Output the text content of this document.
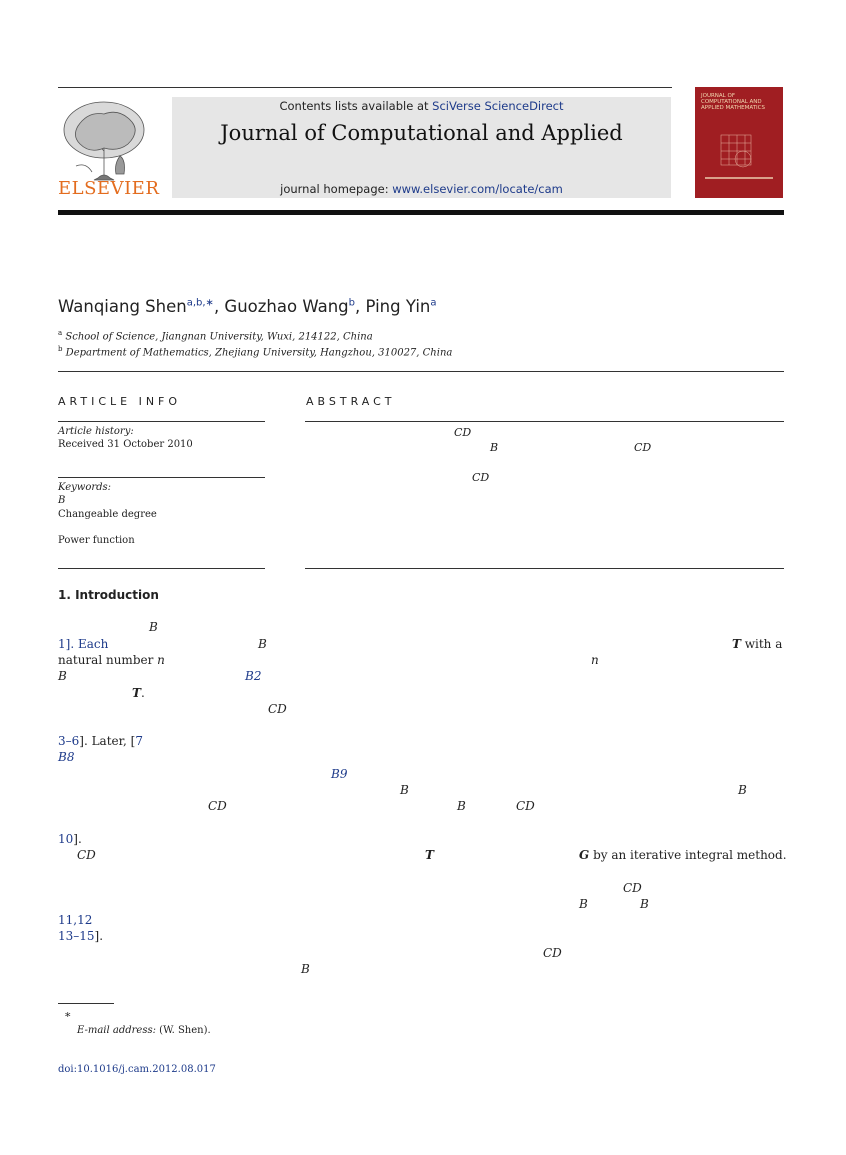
ELSEVIER
Contents lists available at SciVerse ScienceDirect
Journal of Computational and Applied
journal homepage: www.elsevier.com/locate/cam
JOURNAL OF COMPUTATIONAL AND APPLIED MATHEMATICS
Wanqiang Shen$^{a,b,∗}$, Guozhao Wang$^b$, Ping Yin$^a$
$^a$ School of Science, Jiangnan University, Wuxi, 214122, China
$^b$ Department of Mathematics, Zhejiang University, Hangzhou, 310027, China
ARTICLE INFO
Article history:
Received 31 October 2010
Keywords:
B
Changeable degree
Power function
ABSTRACT
CD
B	CD
CD
1. Introduction
B
1]. Each	B	T with a
natural number n	n
B	B2
T.
CD
3–6]. Later, [7
B8
B9
B	B
CD	B	CD
10].
CD	T	G by an iterative integral method.
CD
B	B
11,12
13–15].
CD
B
∗
E-mail address: (W. Shen).
doi:10.1016/j.cam.2012.08.017
